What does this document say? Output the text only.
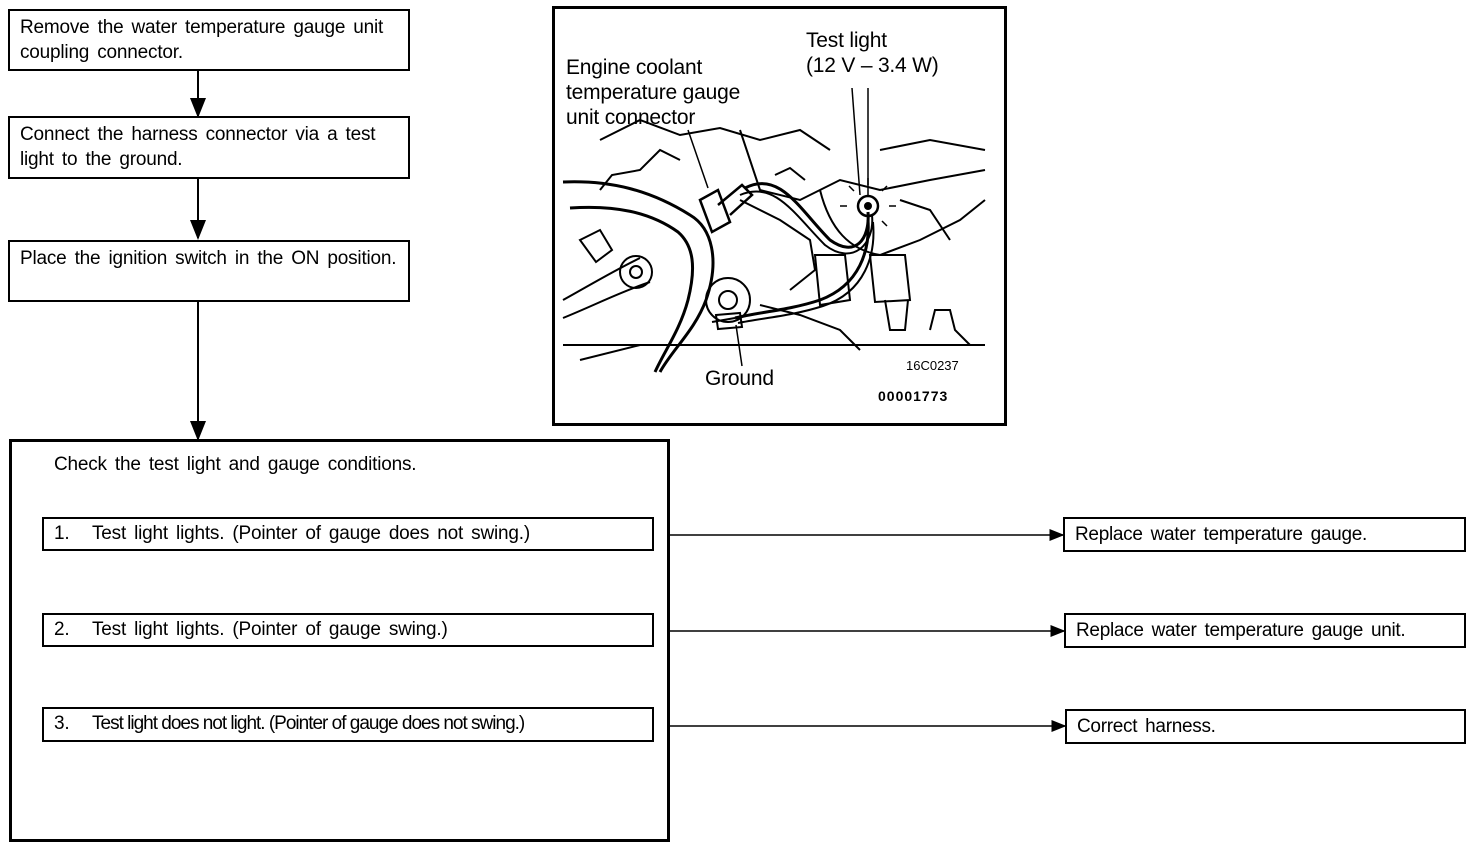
Remove the water temperature gauge unit coupling connector.
Connect the harness connector via a test light to the ground.
Place the ignition switch in the ON position.
Check the test light and gauge conditions.
1. Test light lights. (Pointer of gauge does not swing.)
2. Test light lights. (Pointer of gauge swing.)
3. Test light does not light. (Pointer of gauge does not swing.)
Replace water temperature gauge.
Replace water temperature gauge unit.
Correct harness.
Engine coolant
temperature gauge
unit connector
Test light
(12 V – 3.4 W)
Ground
16C0237
00001773
